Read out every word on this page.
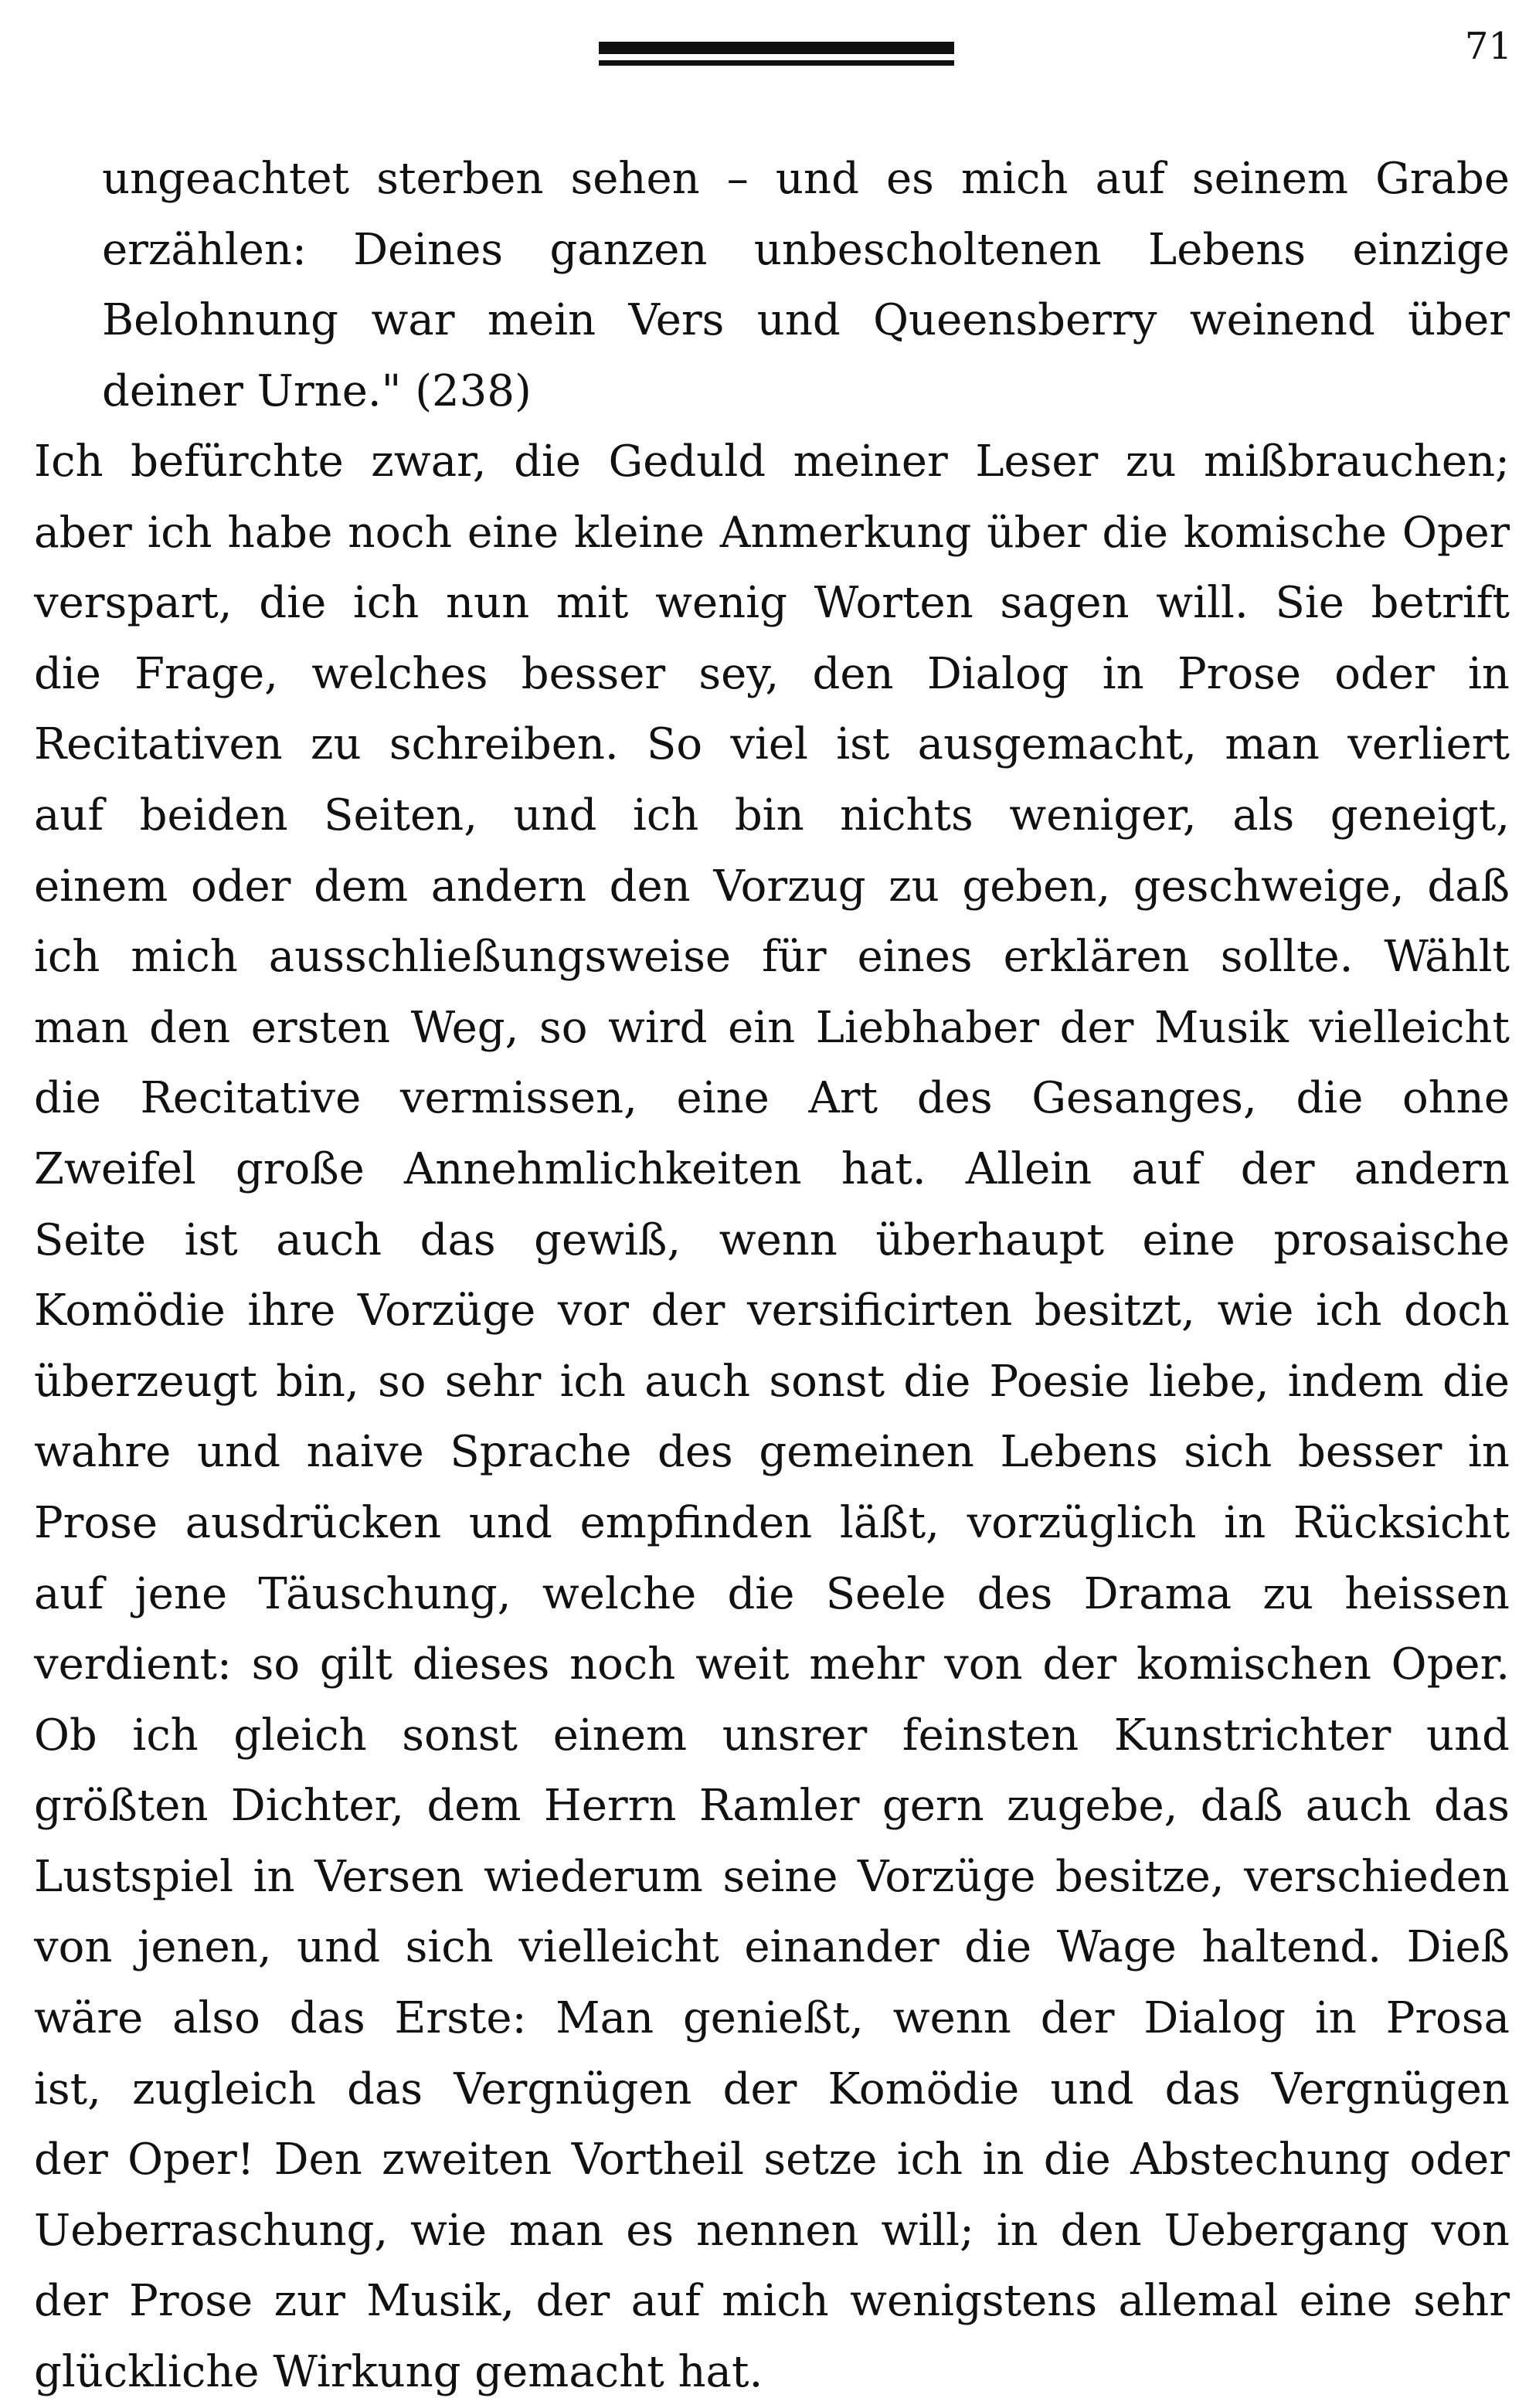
71
ungeachtet sterben sehen – und es mich auf seinem Grabe
erzählen: Deines ganzen unbescholtenen Lebens einzige
Belohnung war mein Vers und Queensberry weinend über
deiner Urne." (238)
Ich befürchte zwar, die Geduld meiner Leser zu mißbrauchen;
aber ich habe noch eine kleine Anmerkung über die komische Oper
verspart, die ich nun mit wenig Worten sagen will. Sie betrift
die Frage, welches besser sey, den Dialog in Prose oder in
Recitativen zu schreiben. So viel ist ausgemacht, man verliert
auf beiden Seiten, und ich bin nichts weniger, als geneigt,
einem oder dem andern den Vorzug zu geben, geschweige, daß
ich mich ausschließungsweise für eines erklären sollte. Wählt
man den ersten Weg, so wird ein Liebhaber der Musik vielleicht
die Recitative vermissen, eine Art des Gesanges, die ohne
Zweifel große Annehmlichkeiten hat. Allein auf der andern
Seite ist auch das gewiß, wenn überhaupt eine prosaische
Komödie ihre Vorzüge vor der versificirten besitzt, wie ich doch
überzeugt bin, so sehr ich auch sonst die Poesie liebe, indem die
wahre und naive Sprache des gemeinen Lebens sich besser in
Prose ausdrücken und empfinden läßt, vorzüglich in Rücksicht
auf jene Täuschung, welche die Seele des Drama zu heissen
verdient: so gilt dieses noch weit mehr von der komischen Oper.
Ob ich gleich sonst einem unsrer feinsten Kunstrichter und
größten Dichter, dem Herrn Ramler gern zugebe, daß auch das
Lustspiel in Versen wiederum seine Vorzüge besitze, verschieden
von jenen, und sich vielleicht einander die Wage haltend. Dieß
wäre also das Erste: Man genießt, wenn der Dialog in Prosa
ist, zugleich das Vergnügen der Komödie und das Vergnügen
der Oper! Den zweiten Vortheil setze ich in die Abstechung oder
Ueberraschung, wie man es nennen will; in den Uebergang von
der Prose zur Musik, der auf mich wenigstens allemal eine sehr
glückliche Wirkung gemacht hat.
